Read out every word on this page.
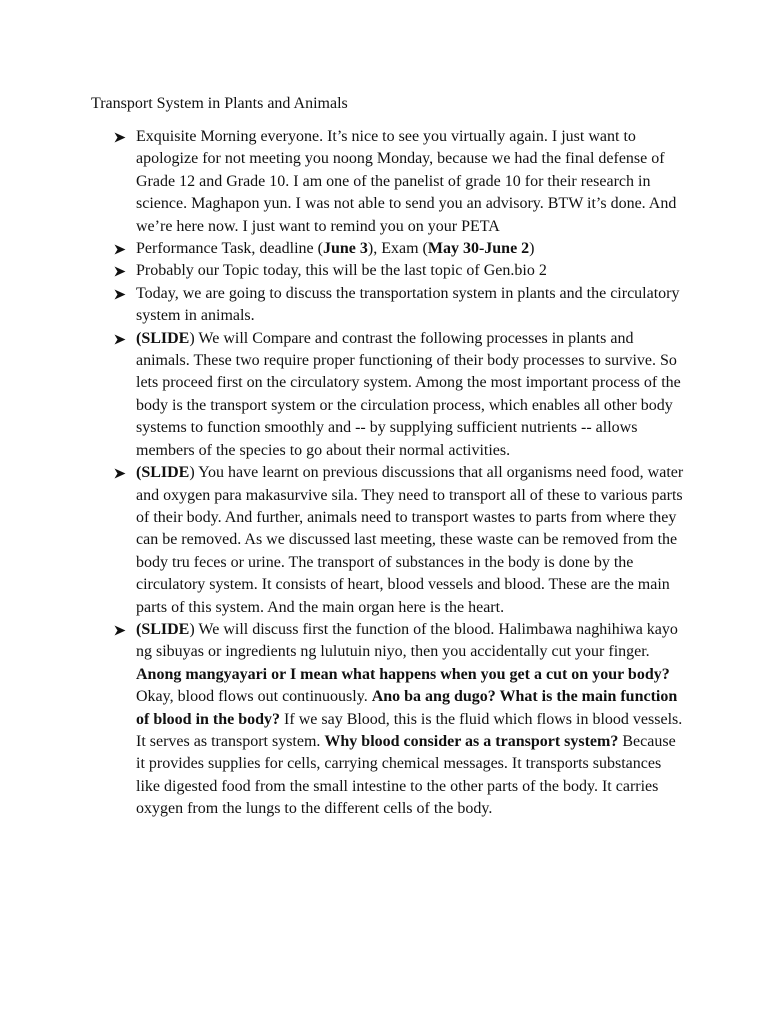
Transport System in Plants and Animals
Exquisite Morning everyone. It’s nice to see you virtually again. I just want to apologize for not meeting you noong Monday, because we had the final defense of Grade 12 and Grade 10. I am one of the panelist of grade 10 for their research in science. Maghapon yun. I was not able to send you an advisory. BTW it’s done. And we’re here now. I just want to remind you on your PETA
Performance Task, deadline (June 3), Exam (May 30-June 2)
Probably our Topic today, this will be the last topic of Gen.bio 2
Today, we are going to discuss the transportation system in plants and the circulatory system in animals.
(SLIDE) We will Compare and contrast the following processes in plants and animals. These two require proper functioning of their body processes to survive. So lets proceed first on the circulatory system. Among the most important process of the body is the transport system or the circulation process, which enables all other body systems to function smoothly and -- by supplying sufficient nutrients -- allows members of the species to go about their normal activities.
(SLIDE) You have learnt on previous discussions that all organisms need food, water and oxygen para makasurvive sila. They need to transport all of these to various parts of their body. And further, animals need to transport wastes to parts from where they can be removed. As we discussed last meeting, these waste can be removed from the body tru feces or urine. The transport of substances in the body is done by the circulatory system. It consists of heart, blood vessels and blood. These are the main parts of this system. And the main organ here is the heart.
(SLIDE) We will discuss first the function of the blood. Halimbawa naghihiwa kayo ng sibuyas or ingredients ng lulutuin niyo, then you accidentally cut your finger. Anong mangyayari or I mean what happens when you get a cut on your body? Okay, blood flows out continuously. Ano ba ang dugo? What is the main function of blood in the body? If we say Blood, this is the fluid which flows in blood vessels. It serves as transport system. Why blood consider as a transport system? Because it provides supplies for cells, carrying chemical messages. It transports substances like digested food from the small intestine to the other parts of the body. It carries oxygen from the lungs to the different cells of the body.
